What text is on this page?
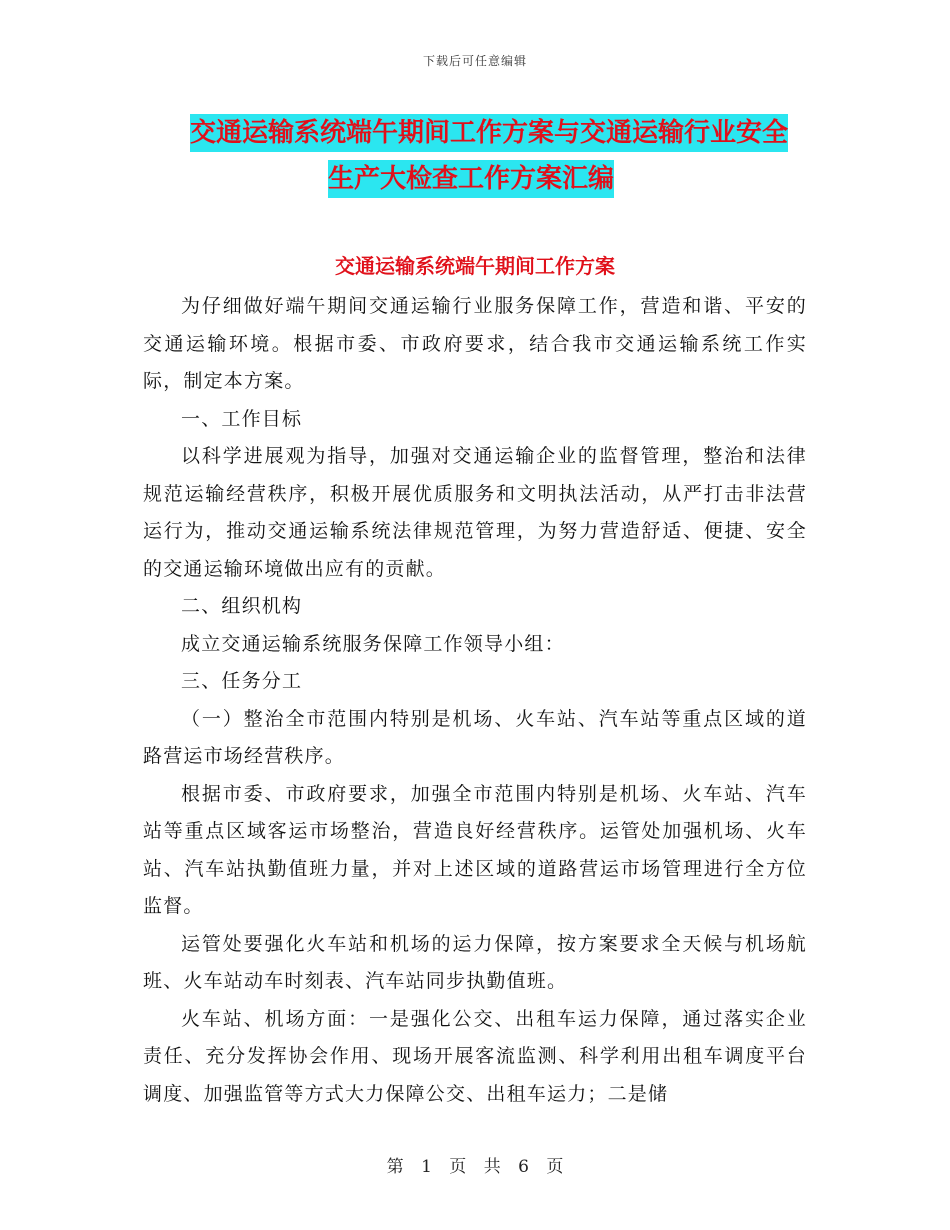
下载后可任意编辑
交通运输系统端午期间工作方案与交通运输行业安全
生产大检查工作方案汇编
交通运输系统端午期间工作方案

为仔细做好端午期间交通运输行业服务保障工作，营造和谐、平安的交通运输环境。根据市委、市政府要求，结合我市交通运输系统工作实际，制定本方案。

一、工作目标

以科学进展观为指导，加强对交通运输企业的监督管理，整治和法律规范运输经营秩序，积极开展优质服务和文明执法活动，从严打击非法营运行为，推动交通运输系统法律规范管理，为努力营造舒适、便捷、安全的交通运输环境做出应有的贡献。

二、组织机构

成立交通运输系统服务保障工作领导小组：

三、任务分工

（一）整治全市范围内特别是机场、火车站、汽车站等重点区域的道路营运市场经营秩序。

根据市委、市政府要求，加强全市范围内特别是机场、火车站、汽车站等重点区域客运市场整治，营造良好经营秩序。运管处加强机场、火车站、汽车站执勤值班力量，并对上述区域的道路营运市场管理进行全方位监督。

运管处要强化火车站和机场的运力保障，按方案要求全天候与机场航班、火车站动车时刻表、汽车站同步执勤值班。

火车站、机场方面：一是强化公交、出租车运力保障，通过落实企业责任、充分发挥协会作用、现场开展客流监测、科学利用出租车调度平台调度、加强监管等方式大力保障公交、出租车运力；二是储

第 1 页 共 6 页
